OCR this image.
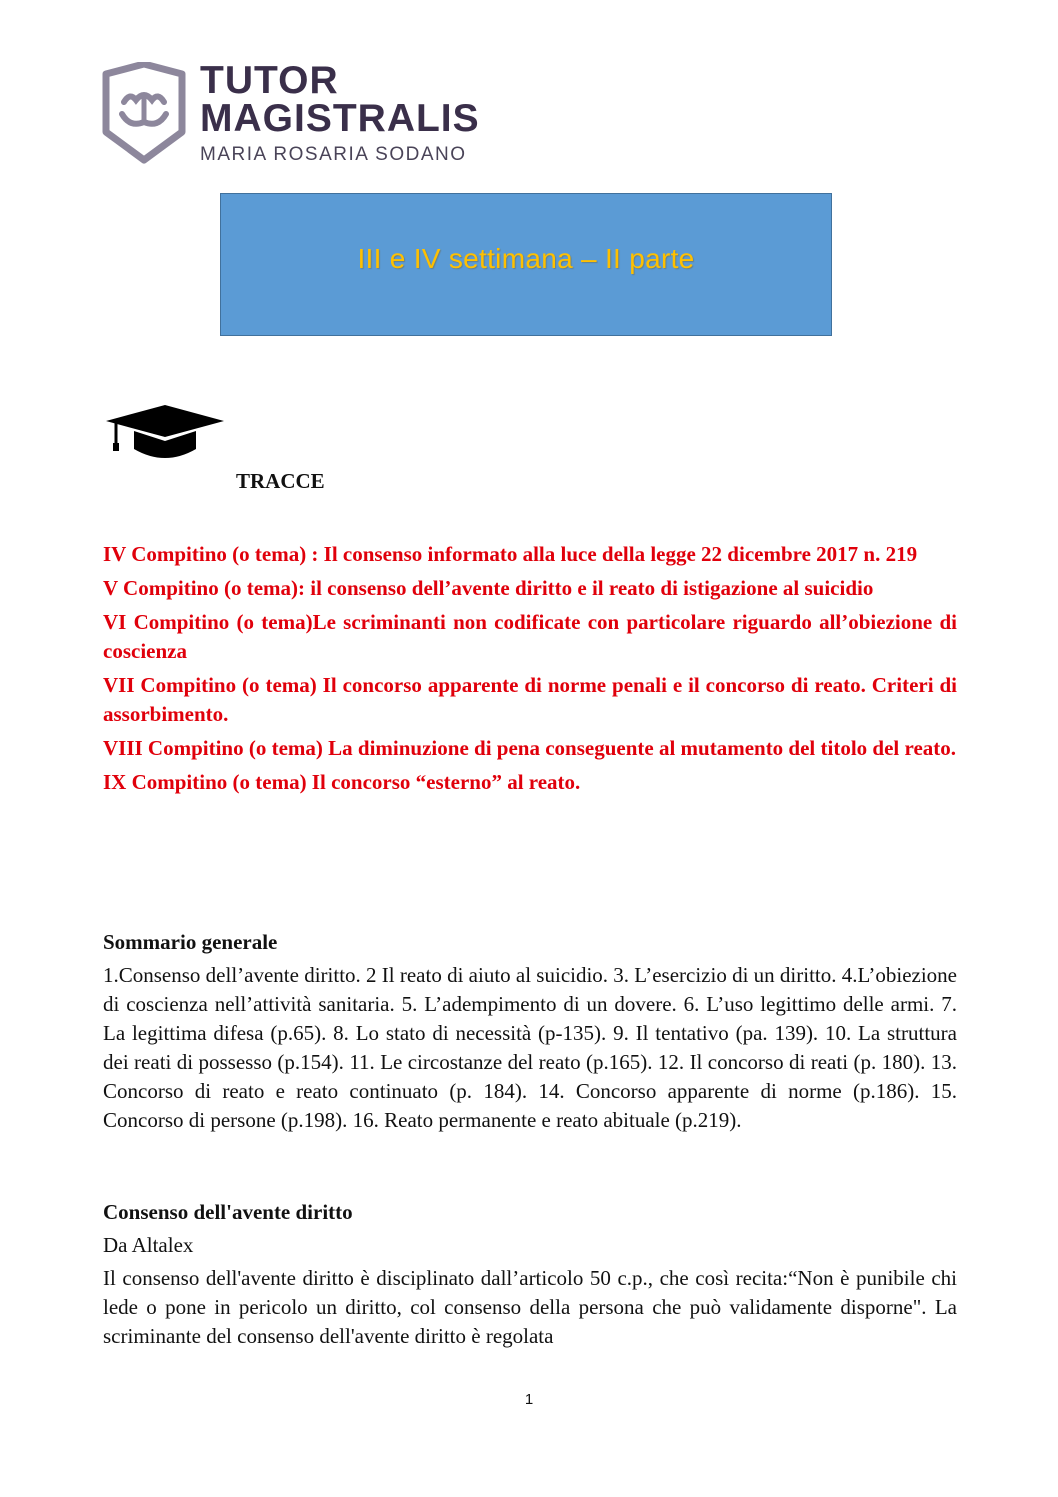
TUTOR
MAGISTRALIS
MARIA ROSARIA SODANO
III e IV settimana – II parte
TRACCE

IV Compitino (o tema) : Il consenso informato alla luce della legge 22 dicembre 2017 n. 219

V Compitino (o tema): il consenso dell’avente diritto e il reato di istigazione al suicidio

VI Compitino (o tema)Le scriminanti non codificate con particolare riguardo all’obiezione di coscienza

VII Compitino (o tema) Il concorso apparente di norme penali e il concorso di reato. Criteri di assorbimento.

VIII Compitino (o tema) La diminuzione di pena conseguente al mutamento del titolo del reato.

IX Compitino (o tema) Il concorso “esterno” al reato.

Sommario generale

1.Consenso dell’avente diritto. 2 Il reato di aiuto al suicidio. 3. L’esercizio di un diritto. 4.L’obiezione di coscienza nell’attività sanitaria. 5. L’adempimento di un dovere. 6. L’uso legittimo delle armi. 7. La legittima difesa (p.65). 8. Lo stato di necessità (p-135). 9. Il tentativo (pa. 139). 10. La struttura dei reati di possesso (p.154). 11. Le circostanze del reato (p.165). 12. Il concorso di reati (p. 180). 13. Concorso di reato e reato continuato (p. 184). 14. Concorso apparente di norme (p.186). 15. Concorso di persone (p.198). 16. Reato permanente e reato abituale (p.219).

Consenso dell'avente diritto

Da Altalex

Il consenso dell'avente diritto è disciplinato dall’articolo 50 c.p., che così recita:“Non è punibile chi lede o pone in pericolo un diritto, col consenso della persona che può validamente disporne". La scriminante del consenso dell'avente diritto è regolata

1
